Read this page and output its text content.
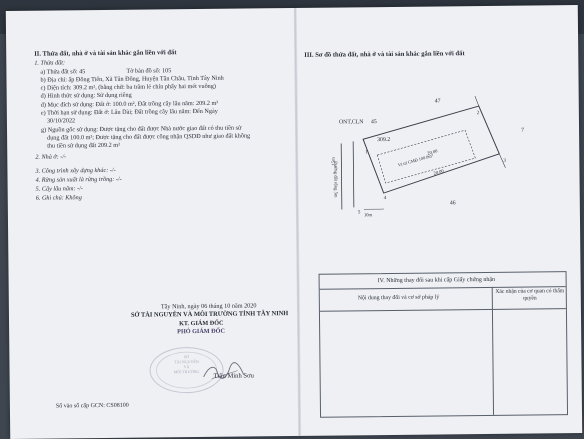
II. Thửa đất, nhà ở và tài sản khác gắn liền với đất
1. Thửa đất:
a) Thửa đất số: 45	Tờ bản đồ số: 105
b) Địa chỉ: ấp Đông Tiến, Xã Tân Đông, Huyện Tân Châu, Tỉnh Tây Ninh
c) Diện tích: 309.2 m², (bằng chữ: ba trăm lẻ chín phẩy hai mét vuông)
d) Hình thức sử dụng: Sử dụng riêng
d) Mục đích sử dụng: Đất ở: 100.0 m², Đất trồng cây lâu năm: 209.2 m²
e) Thời hạn sử dụng: Đất ở: Lâu Dài; Đất trồng cây lâu năm: Đến Ngày
30/10/2022
g) Nguồn gốc sử dụng: Được tặng cho đất được Nhà nước giao đất có thu tiền sử
dụng đất 100.0 m²; Được tặng cho đất được công nhận QSDĐ như giao đất không
thu tiền sử dụng đất 209.2 m²
2. Nhà ở: -/-
3. Công trình xây dựng khác: -/-
4. Rừng sản xuất là rừng trồng: -/-
5. Cây lâu năm: -/-
6. Ghi chú: Không
Tây Ninh, ngày 06 tháng 10 năm 2020
SỞ TÀI NGUYÊN VÀ MÔI TRƯỜNG TỈNH TÂY NINH
KT. GIÁM ĐỐC
PHÓ GIÁM ĐỐC
SỞ
TÀI NGUYÊN
VÀ
MÔI TRƯỜNG
Trần Minh Sơu
Số vào sổ cấp GCN: CS08100
III. Sơ đồ thửa đất, nhà ở và tài sản khác gắn liền với đất
ONT,CLN 45
309.2
47
46
7
1
2
3
4
5
Đường đất rộng 5m
15m
10m
20.00
20.00
Vị trí CMĐ 100.0m²
IV. Những thay đổi sau khi cấp Giấy chứng nhận
Nội dung thay đổi và cơ sở pháp lý
Xác nhận của cơ quan có thẩm quyền
